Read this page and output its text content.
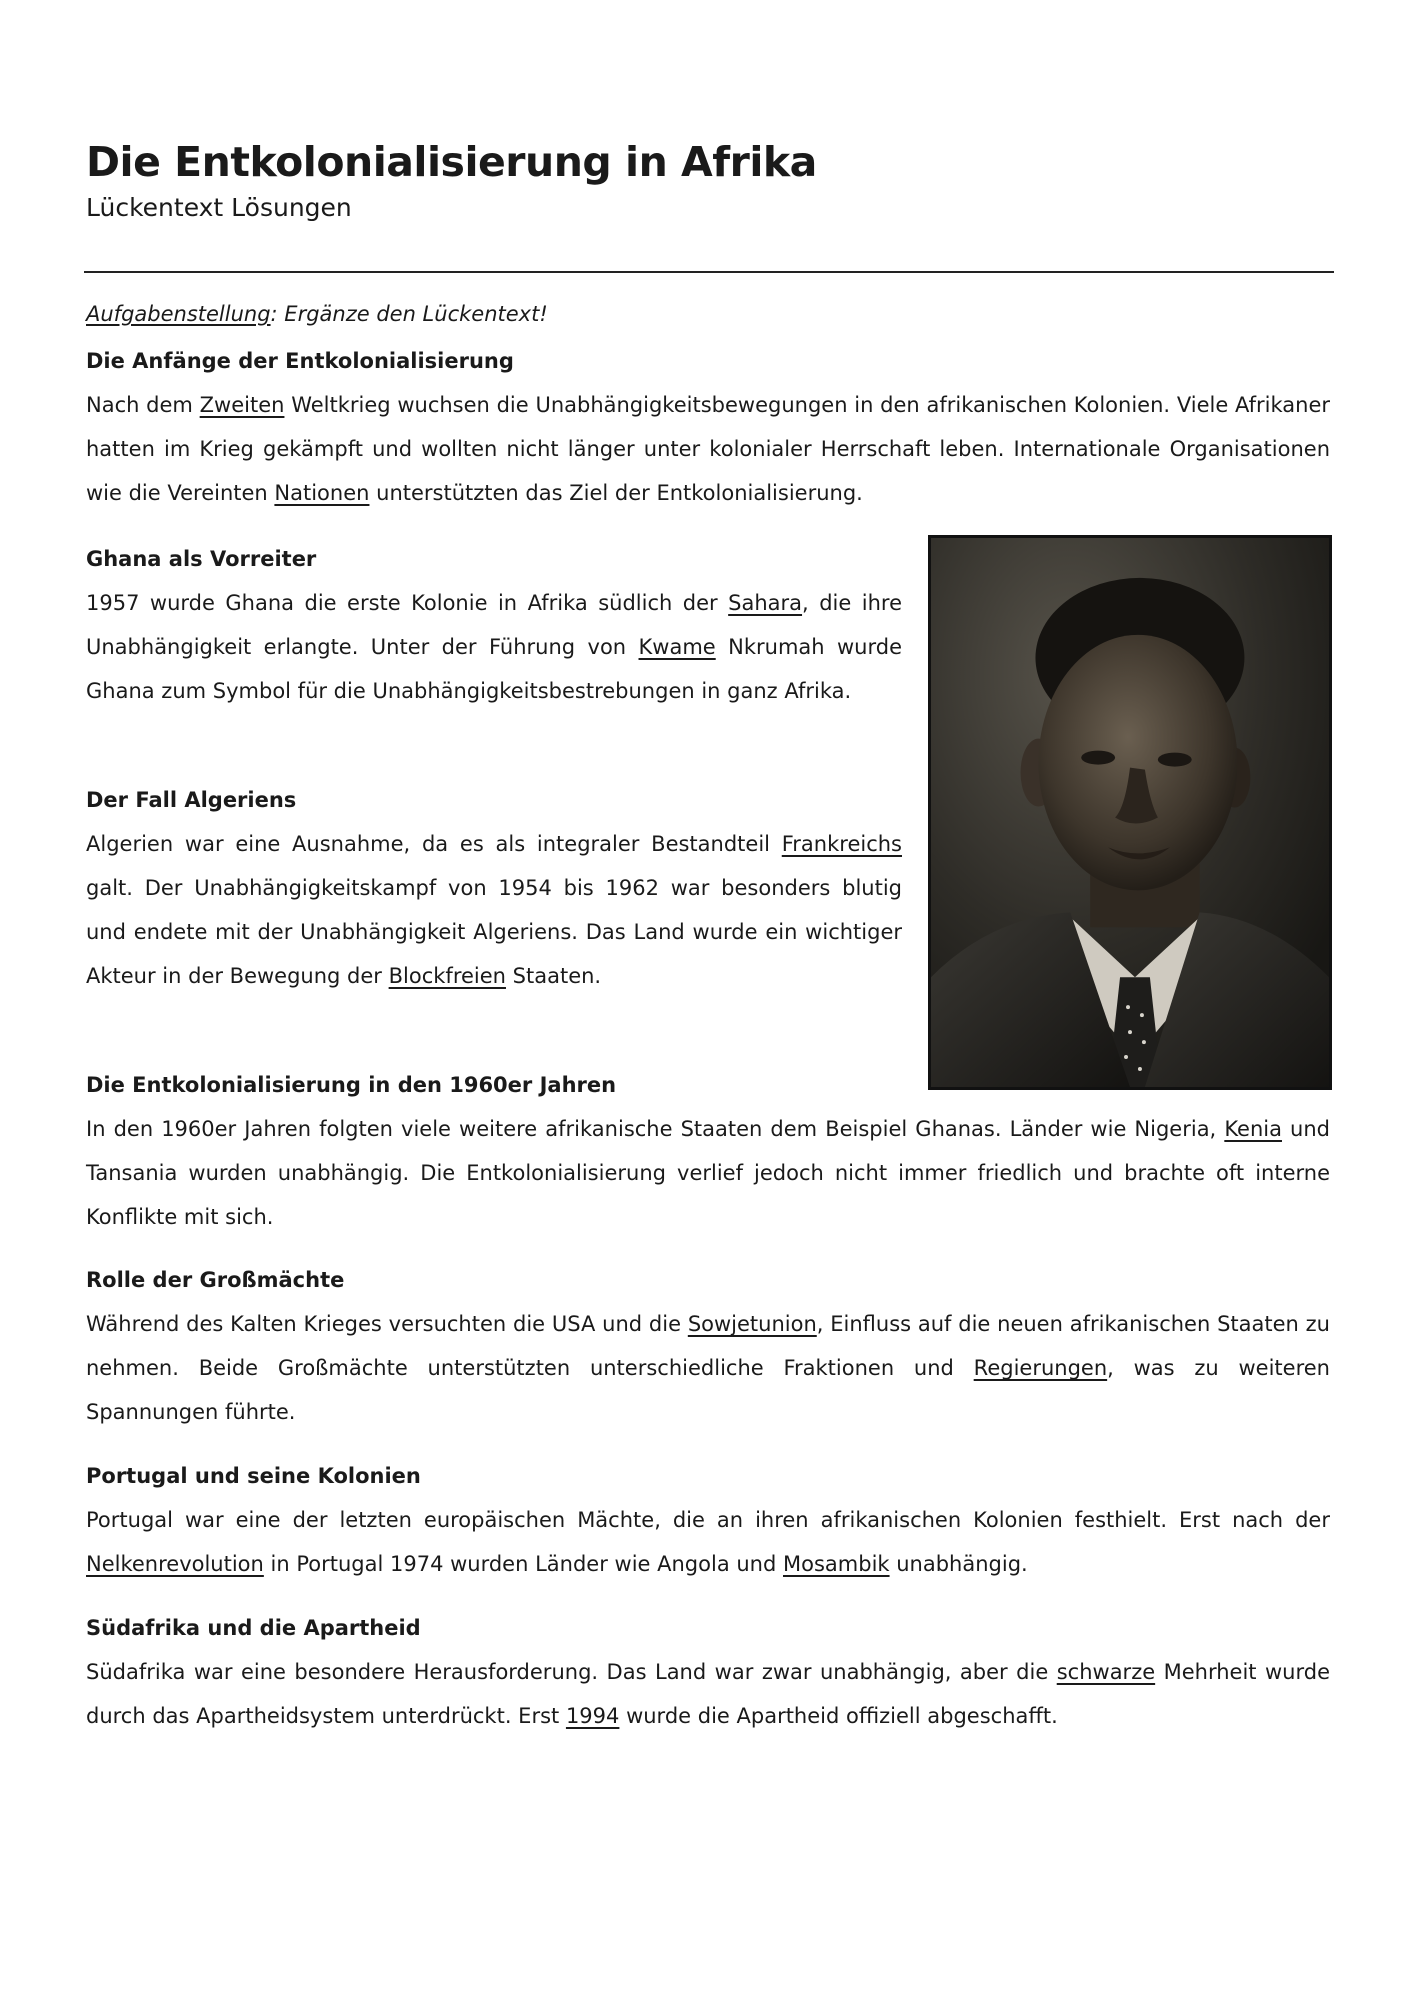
Die Entkolonialisierung in Afrika

Lückentext Lösungen

Aufgabenstellung: Ergänze den Lückentext!

Die Anfänge der Entkolonialisierung

Nach dem Zweiten Weltkrieg wuchsen die Unabhängigkeitsbewegungen in den afrikanischen Kolonien. Viele Afrikaner hatten im Krieg gekämpft und wollten nicht länger unter kolonialer Herrschaft leben. Internationale Organisationen wie die Vereinten Nationen unterstützten das Ziel der Entkolonialisierung.

Ghana als Vorreiter

1957 wurde Ghana die erste Kolonie in Afrika südlich der Sahara, die ihre Unabhängigkeit erlangte. Unter der Führung von Kwame Nkrumah wurde Ghana zum Symbol für die Unabhängigkeitsbestrebungen in ganz Afrika.

Der Fall Algeriens

Algerien war eine Ausnahme, da es als integraler Bestandteil Frankreichs galt. Der Unabhängigkeitskampf von 1954 bis 1962 war besonders blutig und endete mit der Unabhängigkeit Algeriens. Das Land wurde ein wichtiger Akteur in der Bewegung der Blockfreien Staaten.

Die Entkolonialisierung in den 1960er Jahren

In den 1960er Jahren folgten viele weitere afrikanische Staaten dem Beispiel Ghanas. Länder wie Nigeria, Kenia und Tansania wurden unabhängig. Die Entkolonialisierung verlief jedoch nicht immer friedlich und brachte oft interne Konflikte mit sich.

Rolle der Großmächte

Während des Kalten Krieges versuchten die USA und die Sowjetunion, Einfluss auf die neuen afrikanischen Staaten zu nehmen. Beide Großmächte unterstützten unterschiedliche Fraktionen und Regierungen, was zu weiteren Spannungen führte.

Portugal und seine Kolonien

Portugal war eine der letzten europäischen Mächte, die an ihren afrikanischen Kolonien festhielt. Erst nach der Nelkenrevolution in Portugal 1974 wurden Länder wie Angola und Mosambik unabhängig.

Südafrika und die Apartheid

Südafrika war eine besondere Herausforderung. Das Land war zwar unabhängig, aber die schwarze Mehrheit wurde durch das Apartheidsystem unterdrückt. Erst 1994 wurde die Apartheid offiziell abgeschafft.
